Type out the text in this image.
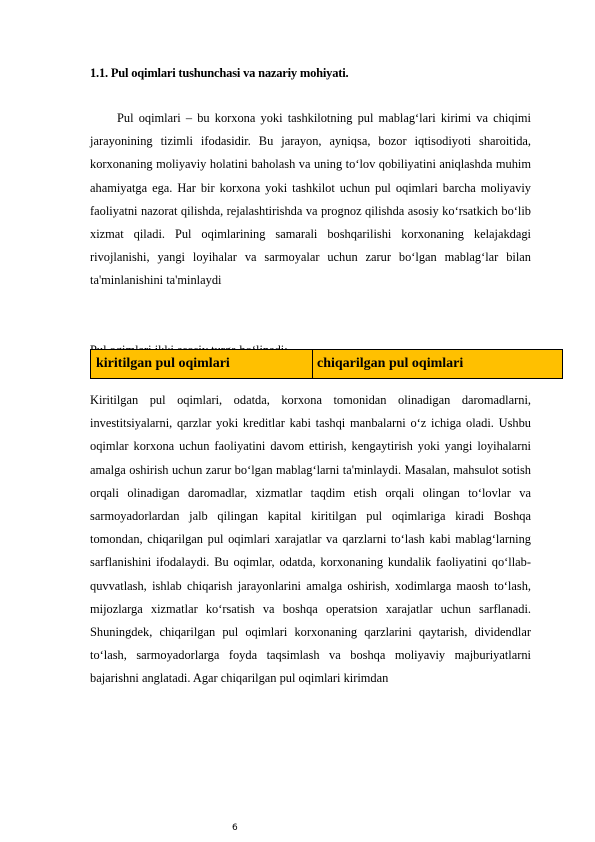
1.1. Pul oqimlari tushunchasi va nazariy mohiyati.

Pul oqimlari – bu korxona yoki tashkilotning pul mablag‘lari kirimi va chiqimi jarayonining tizimli ifodasidir. Bu jarayon, ayniqsa, bozor iqtisodiyoti sharoitida, korxonaning moliyaviy holatini baholash va uning to‘lov qobiliyatini aniqlashda muhim ahamiyatga ega. Har bir korxona yoki tashkilot uchun pul oqimlari barcha moliyaviy faoliyatni nazorat qilishda, rejalashtirishda va prognoz qilishda asosiy ko‘rsatkich bo‘lib xizmat qiladi. Pul oqimlarining samarali boshqarilishi korxonaning kelajakdagi rivojlanishi, yangi loyihalar va sarmoyalar uchun zarur bo‘lgan mablag‘lar bilan ta'minlanishini ta'minlaydi

kiritilgan pul oqimlari	chiqarilgan pul oqimlari

Kiritilgan pul oqimlari, odatda, korxona tomonidan olinadigan daromadlarni, investitsiyalarni, qarzlar yoki kreditlar kabi tashqi manbalarni o‘z ichiga oladi. Ushbu oqimlar korxona uchun faoliyatini davom ettirish, kengaytirish yoki yangi loyihalarni amalga oshirish uchun zarur bo‘lgan mablag‘larni ta'minlaydi. Masalan, mahsulot sotish orqali olinadigan daromadlar, xizmatlar taqdim etish orqali olingan to‘lovlar va sarmoyadorlardan jalb qilingan kapital kiritilgan pul oqimlariga kiradi Boshqa tomondan, chiqarilgan pul oqimlari xarajatlar va qarzlarni to‘lash kabi mablag‘larning sarflanishini ifodalaydi. Bu oqimlar, odatda, korxonaning kundalik faoliyatini qo‘llab-quvvatlash, ishlab chiqarish jarayonlarini amalga oshirish, xodimlarga maosh to‘lash, mijozlarga xizmatlar ko‘rsatish va boshqa operatsion xarajatlar uchun sarflanadi. Shuningdek, chiqarilgan pul oqimlari korxonaning qarzlarini qaytarish, dividendlar to‘lash, sarmoyadorlarga foyda taqsimlash va boshqa moliyaviy majburiyatlarni bajarishni anglatadi. Agar chiqarilgan pul oqimlari kirimdan

6
